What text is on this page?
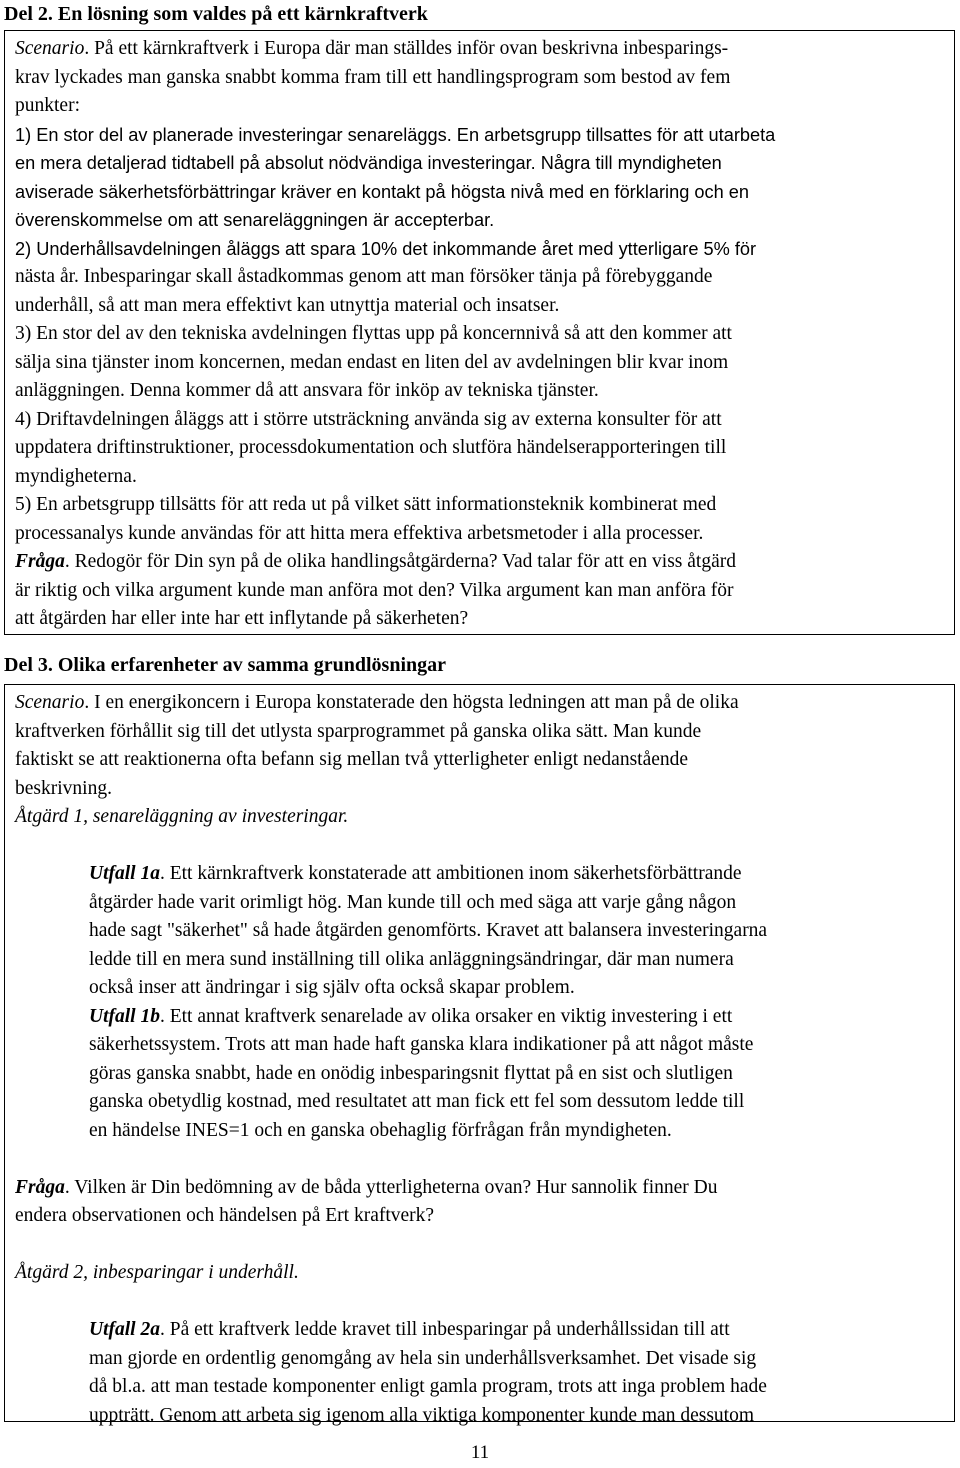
Del 2. En lösning som valdes på ett kärnkraftverk
Scenario. På ett kärnkraftverk i Europa där man ställdes inför ovan beskrivna inbesparings-
krav lyckades man ganska snabbt komma fram till ett handlingsprogram som bestod av fem
punkter:
1) En stor del av planerade investeringar senareläggs. En arbetsgrupp tillsattes för att utarbeta
en mera detaljerad tidtabell på absolut nödvändiga investeringar. Några till myndigheten
aviserade säkerhetsförbättringar kräver en kontakt på högsta nivå med en förklaring och en
överenskommelse om att senareläggningen är accepterbar.
2) Underhållsavdelningen åläggs att spara 10% det inkommande året med ytterligare 5% för
nästa år. Inbesparingar skall åstadkommas genom att man försöker tänja på förebyggande
underhåll, så att man mera effektivt kan utnyttja material och insatser.
3) En stor del av den tekniska avdelningen flyttas upp på koncernnivå så att den kommer att
sälja sina tjänster inom koncernen, medan endast en liten del av avdelningen blir kvar inom
anläggningen. Denna kommer då att ansvara för inköp av tekniska tjänster.
4) Driftavdelningen åläggs att i större utsträckning använda sig av externa konsulter för att
uppdatera driftinstruktioner, processdokumentation och slutföra händelserapporteringen till
myndigheterna.
5) En arbetsgrupp tillsätts för att reda ut på vilket sätt informationsteknik kombinerat med
processanalys kunde användas för att hitta mera effektiva arbetsmetoder i alla processer.
Fråga. Redogör för Din syn på de olika handlingsåtgärderna? Vad talar för att en viss åtgärd
är riktig och vilka argument kunde man anföra mot den? Vilka argument kan man anföra för
att åtgärden har eller inte har ett inflytande på säkerheten?
Del 3. Olika erfarenheter av samma grundlösningar
Scenario. I en energikoncern i Europa konstaterade den högsta ledningen att man på de olika
kraftverken förhållit sig till det utlysta sparprogrammet på ganska olika sätt. Man kunde
faktiskt se att reaktionerna ofta befann sig mellan två ytterligheter enligt nedanstående
beskrivning.
Åtgärd 1, senareläggning av investeringar.
Utfall 1a. Ett kärnkraftverk konstaterade att ambitionen inom säkerhetsförbättrande
åtgärder hade varit orimligt hög. Man kunde till och med säga att varje gång någon
hade sagt "säkerhet" så hade åtgärden genomförts. Kravet att balansera investeringarna
ledde till en mera sund inställning till olika anläggningsändringar, där man numera
också inser att ändringar i sig själv ofta också skapar problem.
Utfall 1b. Ett annat kraftverk senarelade av olika orsaker en viktig investering i ett
säkerhetssystem. Trots att man hade haft ganska klara indikationer på att något måste
göras ganska snabbt, hade en onödig inbesparingsnit flyttat på en sist och slutligen
ganska obetydlig kostnad, med resultatet att man fick ett fel som dessutom ledde till
en händelse INES=1 och en ganska obehaglig förfrågan från myndigheten.
Fråga. Vilken är Din bedömning av de båda ytterligheterna ovan? Hur sannolik finner Du
endera observationen och händelsen på Ert kraftverk?
Åtgärd 2, inbesparingar i underhåll.
Utfall 2a. På ett kraftverk ledde kravet till inbesparingar på underhållssidan till att
man gjorde en ordentlig genomgång av hela sin underhållsverksamhet. Det visade sig
då bl.a. att man testade komponenter enligt gamla program, trots att inga problem hade
uppträtt. Genom att arbeta sig igenom alla viktiga komponenter kunde man dessutom
11
